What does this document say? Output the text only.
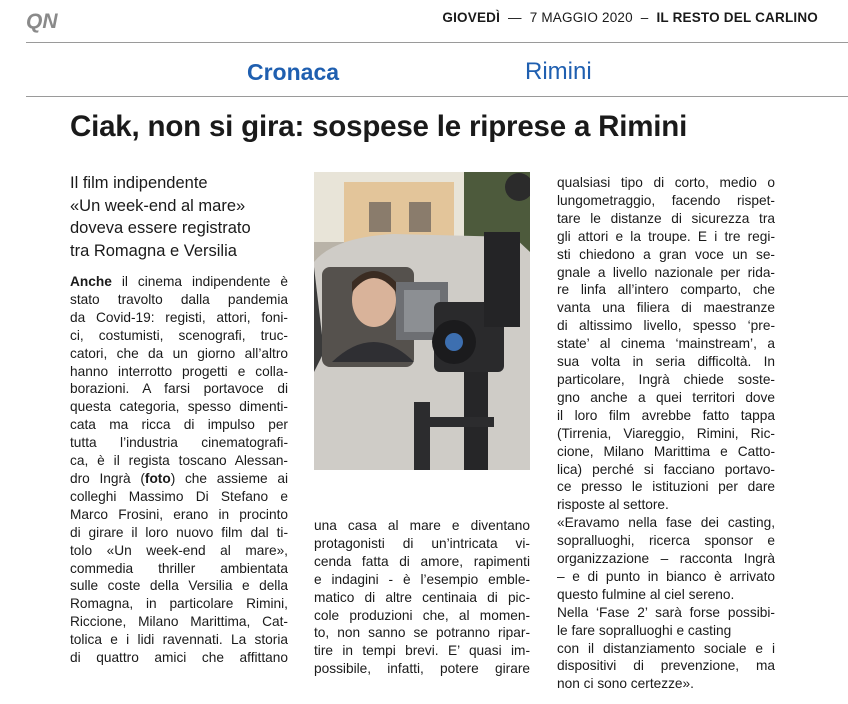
QN	GIOVEDÌ — 7 MAGGIO 2020 – IL RESTO DEL CARLINO
Cronaca	Rimini
Ciak, non si gira: sospese le riprese a Rimini
Il film indipendente
«Un week-end al mare»
doveva essere registrato
tra Romagna e Versilia
Anche il cinema indipendente è
stato travolto dalla pandemia
da Covid-19: registi, attori, foni-
ci, costumisti, scenografi, truc-
catori, che da un giorno all’altro
hanno interrotto progetti e colla-
borazioni. A farsi portavoce di
questa categoria, spesso dimenti-
cata ma ricca di impulso per
tutta l’industria cinematografi-
ca, è il regista toscano Alessan-
dro Ingrà (foto) che assieme ai
colleghi Massimo Di Stefano e
Marco Frosini, erano in procinto
di girare il loro nuovo film dal ti-
tolo «Un week-end al mare»,
commedia thriller ambientata
sulle coste della Versilia e della
Romagna, in particolare Rimini,
Riccione, Milano Marittima, Cat-
tolica e i lidi ravennati. La storia
di quattro amici che affittano
una casa al mare e diventano
protagonisti di un’intricata vi-
cenda fatta di amore, rapimenti
e indagini - è l’esempio emble-
matico di altre centinaia di pic-
cole produzioni che, al momen-
to, non sanno se potranno ripar-
tire in tempi brevi. E’ quasi im-
possibile, infatti, potere girare
qualsiasi tipo di corto, medio o
lungometraggio, facendo rispet-
tare le distanze di sicurezza tra
gli attori e la troupe. E i tre regi-
sti chiedono a gran voce un se-
gnale a livello nazionale per rida-
re linfa all’intero comparto, che
vanta una filiera di maestranze
di altissimo livello, spesso ‘pre-
state’ al cinema ‘mainstream’, a
sua volta in seria difficoltà. In
particolare, Ingrà chiede soste-
gno anche a quei territori dove
il loro film avrebbe fatto tappa
(Tirrenia, Viareggio, Rimini, Ric-
cione, Milano Marittima e Catto-
lica) perché si facciano portavo-
ce presso le istituzioni per dare
risposte al settore.
«Eravamo nella fase dei casting,
sopralluoghi, ricerca sponsor e
organizzazione – racconta Ingrà
– e di punto in bianco è arrivato
questo fulmine al ciel sereno.
Nella ‘Fase 2’ sarà forse possibi-
le fare sopralluoghi e casting
con il distanziamento sociale e i
dispositivi di prevenzione, ma
non ci sono certezze».
